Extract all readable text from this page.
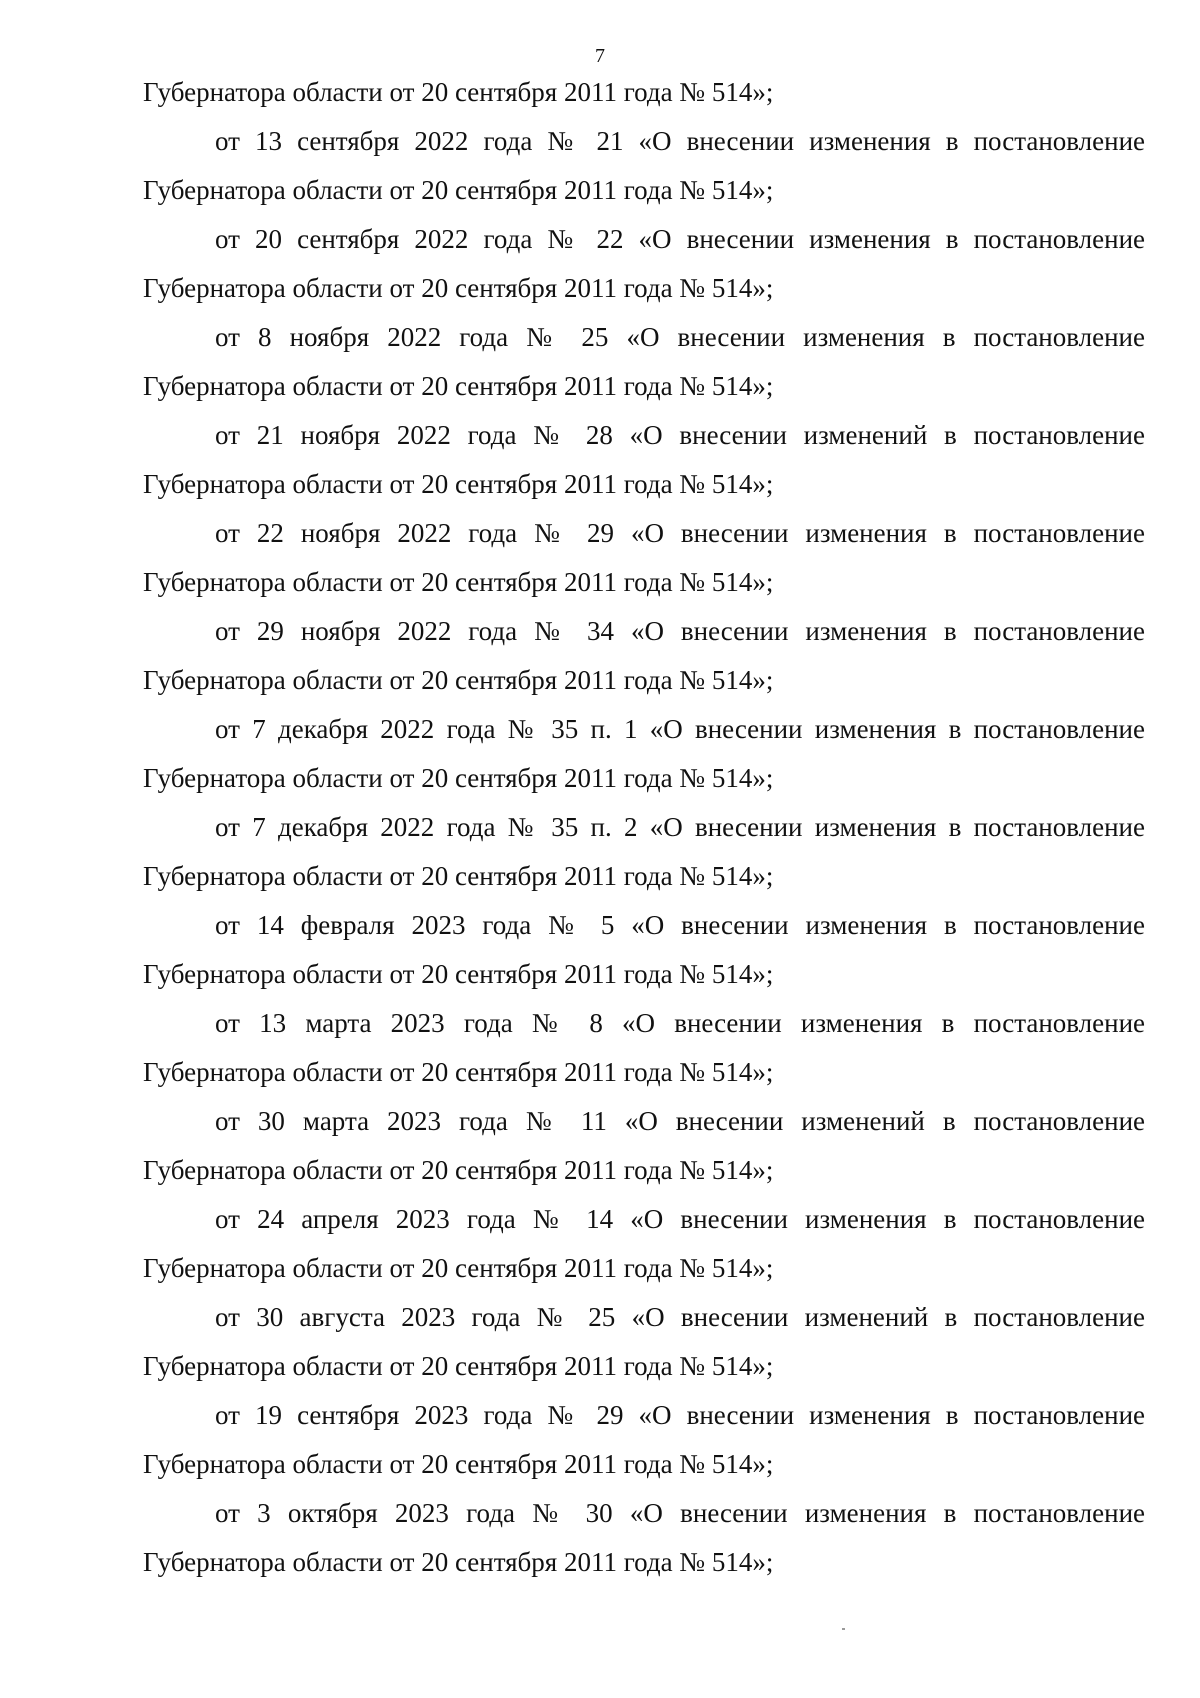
7
Губернатора области от 20 сентября 2011 года № 514»;
от 13 сентября 2022 года № 21 «О внесении изменения в постановление
Губернатора области от 20 сентября 2011 года № 514»;
от 20 сентября 2022 года № 22 «О внесении изменения в постановление
Губернатора области от 20 сентября 2011 года № 514»;
от 8 ноября 2022 года № 25 «О внесении изменения в постановление
Губернатора области от 20 сентября 2011 года № 514»;
от 21 ноября 2022 года № 28 «О внесении изменений в постановление
Губернатора области от 20 сентября 2011 года № 514»;
от 22 ноября 2022 года № 29 «О внесении изменения в постановление
Губернатора области от 20 сентября 2011 года № 514»;
от 29 ноября 2022 года № 34 «О внесении изменения в постановление
Губернатора области от 20 сентября 2011 года № 514»;
от 7 декабря 2022 года № 35 п. 1 «О внесении изменения в постановление
Губернатора области от 20 сентября 2011 года № 514»;
от 7 декабря 2022 года № 35 п. 2 «О внесении изменения в постановление
Губернатора области от 20 сентября 2011 года № 514»;
от 14 февраля 2023 года № 5 «О внесении изменения в постановление
Губернатора области от 20 сентября 2011 года № 514»;
от 13 марта 2023 года № 8 «О внесении изменения в постановление
Губернатора области от 20 сентября 2011 года № 514»;
от 30 марта 2023 года № 11 «О внесении изменений в постановление
Губернатора области от 20 сентября 2011 года № 514»;
от 24 апреля 2023 года № 14 «О внесении изменения в постановление
Губернатора области от 20 сентября 2011 года № 514»;
от 30 августа 2023 года № 25 «О внесении изменений в постановление
Губернатора области от 20 сентября 2011 года № 514»;
от 19 сентября 2023 года № 29 «О внесении изменения в постановление
Губернатора области от 20 сентября 2011 года № 514»;
от 3 октября 2023 года № 30 «О внесении изменения в постановление
Губернатора области от 20 сентября 2011 года № 514»;
